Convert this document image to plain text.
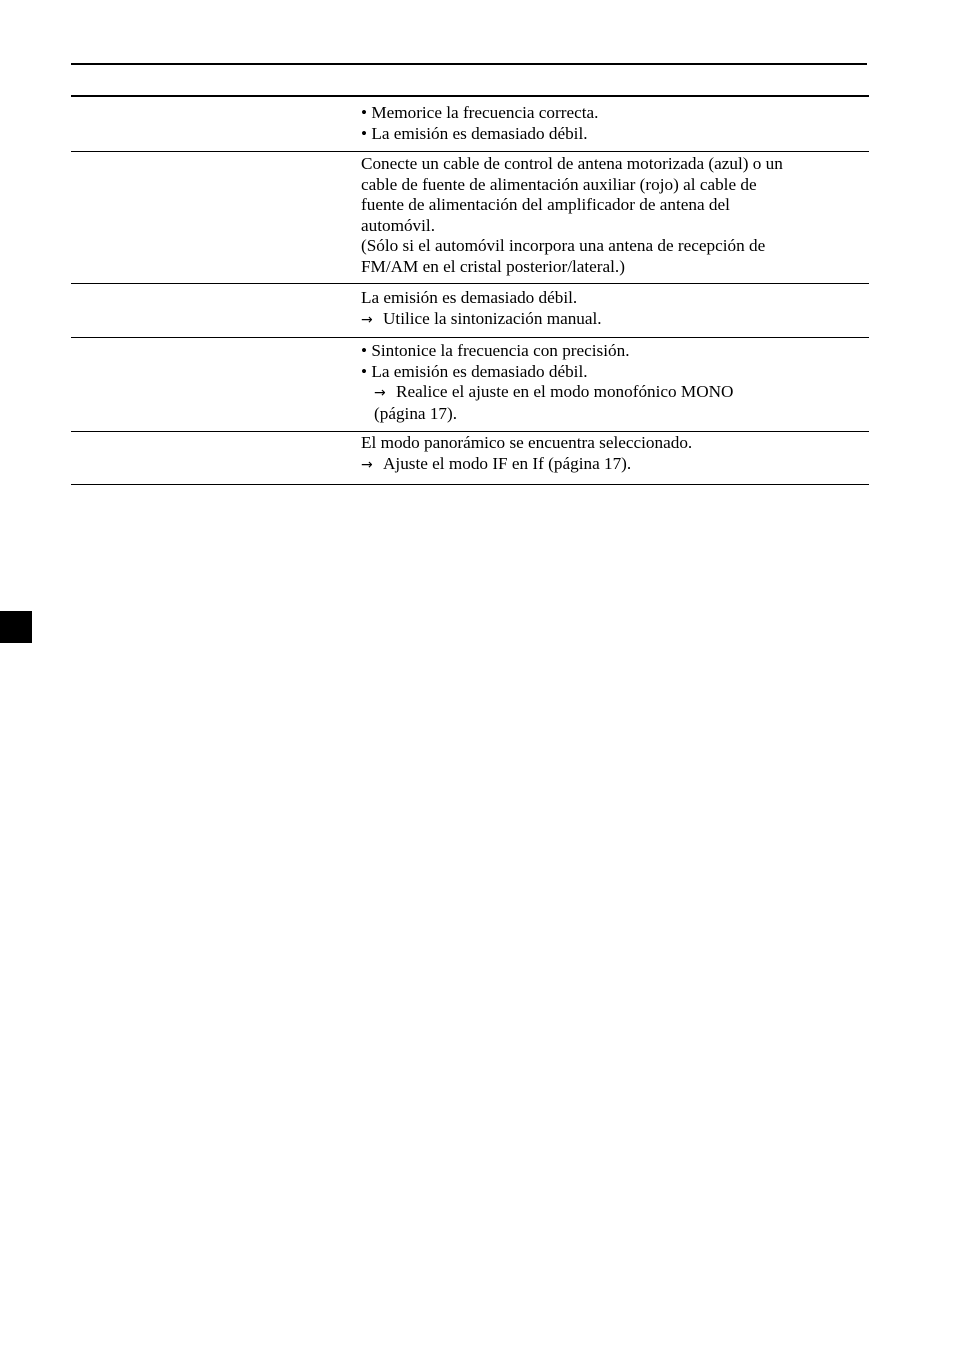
• Memorice la frecuencia correcta.
• La emisión es demasiado débil.
Conecte un cable de control de antena motorizada (azul) o un
cable de fuente de alimentación auxiliar (rojo) al cable de
fuente de alimentación del amplificador de antena del
automóvil.
(Sólo si el automóvil incorpora una antena de recepción de
FM/AM en el cristal posterior/lateral.)
La emisión es demasiado débil.
→ Utilice la sintonización manual.
• Sintonice la frecuencia con precisión.
• La emisión es demasiado débil.
→ Realice el ajuste en el modo monofónico MONO
(página 17).
El modo panorámico se encuentra seleccionado.
→ Ajuste el modo IF en If (página 17).
